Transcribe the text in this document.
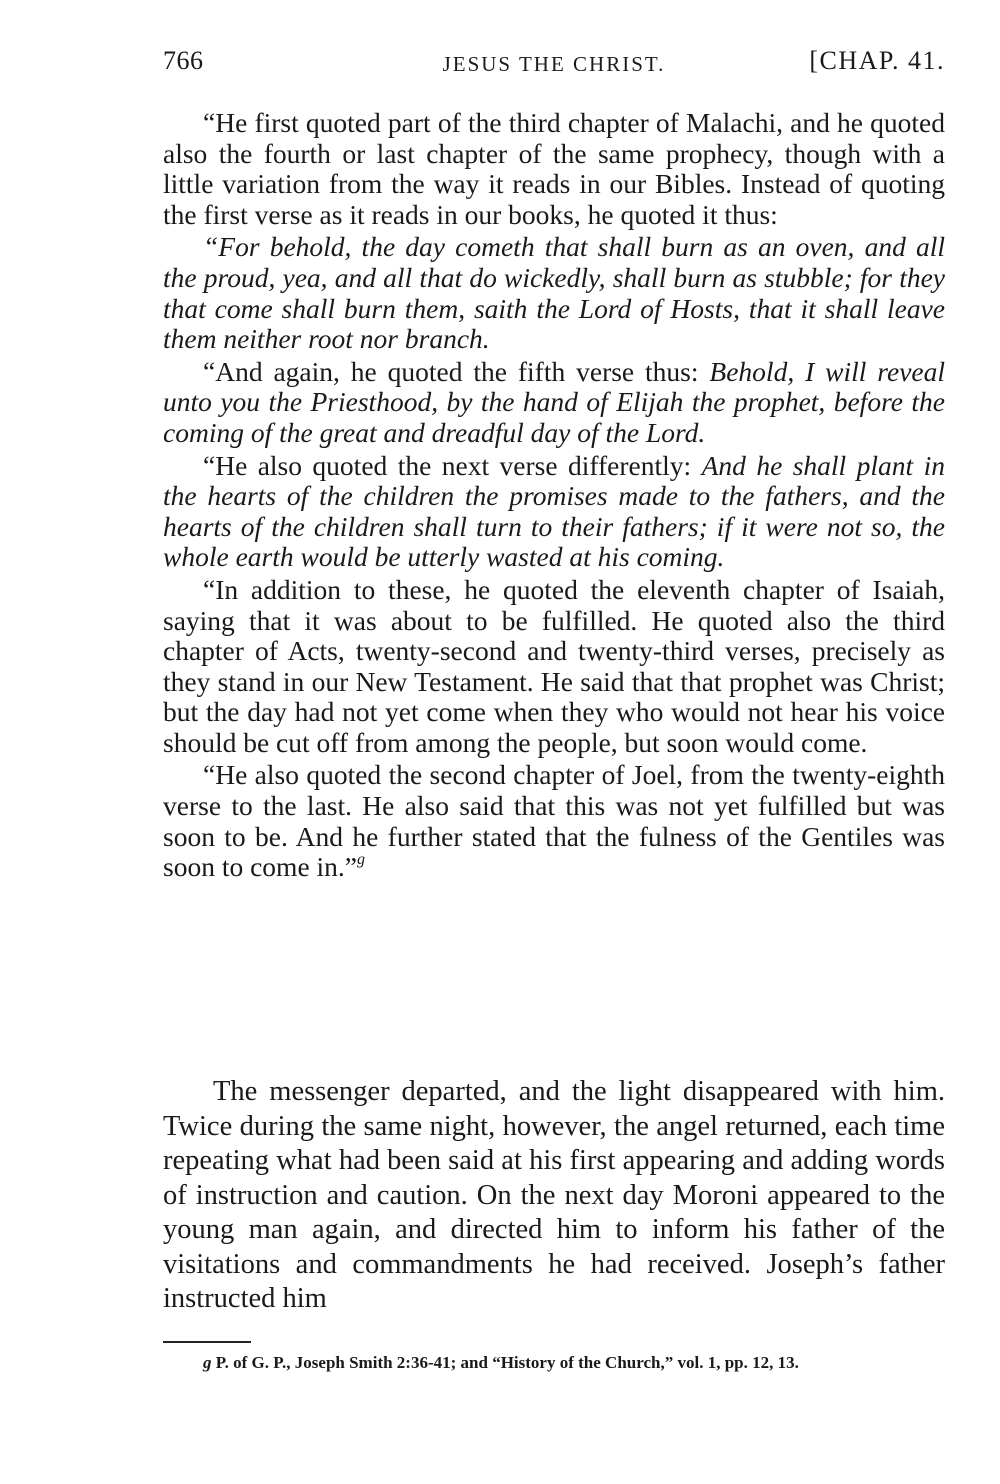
766	JESUS THE CHRIST.	[CHAP. 41.

“He first quoted part of the third chapter of Malachi, and he quoted also the fourth or last chapter of the same prophecy, though with a little variation from the way it reads in our Bibles. Instead of quoting the first verse as it reads in our books, he quoted it thus:

“For behold, the day cometh that shall burn as an oven, and all the proud, yea, and all that do wickedly, shall burn as stubble; for they that come shall burn them, saith the Lord of Hosts, that it shall leave them neither root nor branch.

“And again, he quoted the fifth verse thus: Behold, I will reveal unto you the Priesthood, by the hand of Elijah the prophet, before the coming of the great and dreadful day of the Lord.

“He also quoted the next verse differently: And he shall plant in the hearts of the children the promises made to the fathers, and the hearts of the children shall turn to their fathers; if it were not so, the whole earth would be utterly wasted at his coming.

“In addition to these, he quoted the eleventh chapter of Isaiah, saying that it was about to be fulfilled. He quoted also the third chapter of Acts, twenty-second and twenty-third verses, precisely as they stand in our New Testament. He said that that prophet was Christ; but the day had not yet come when they who would not hear his voice should be cut off from among the people, but soon would come.

“He also quoted the second chapter of Joel, from the twenty-eighth verse to the last. He also said that this was not yet fulfilled but was soon to be. And he further stated that the fulness of the Gentiles was soon to come in.”$^g$

The messenger departed, and the light disappeared with him. Twice during the same night, however, the angel returned, each time repeating what had been said at his first appearing and adding words of instruction and caution. On the next day Moroni appeared to the young man again, and directed him to inform his father of the visitations and commandments he had received. Joseph’s father instructed him

g P. of G. P., Joseph Smith 2:36-41; and “History of the Church,” vol. 1, pp. 12, 13.
